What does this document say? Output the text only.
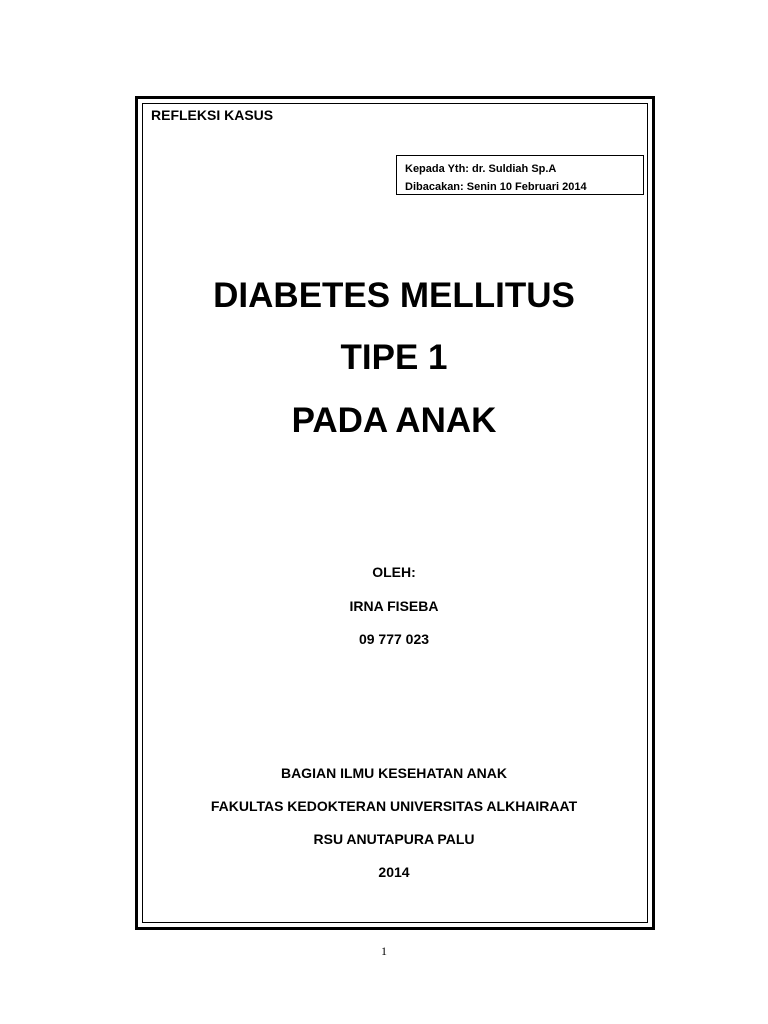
REFLEKSI KASUS
Kepada Yth: dr. Suldiah Sp.A
Dibacakan: Senin 10 Februari 2014
DIABETES MELLITUS
TIPE 1
PADA ANAK
OLEH:
IRNA FISEBA
09 777 023
BAGIAN ILMU KESEHATAN ANAK
FAKULTAS KEDOKTERAN UNIVERSITAS ALKHAIRAAT
RSU ANUTAPURA PALU
2014
1
